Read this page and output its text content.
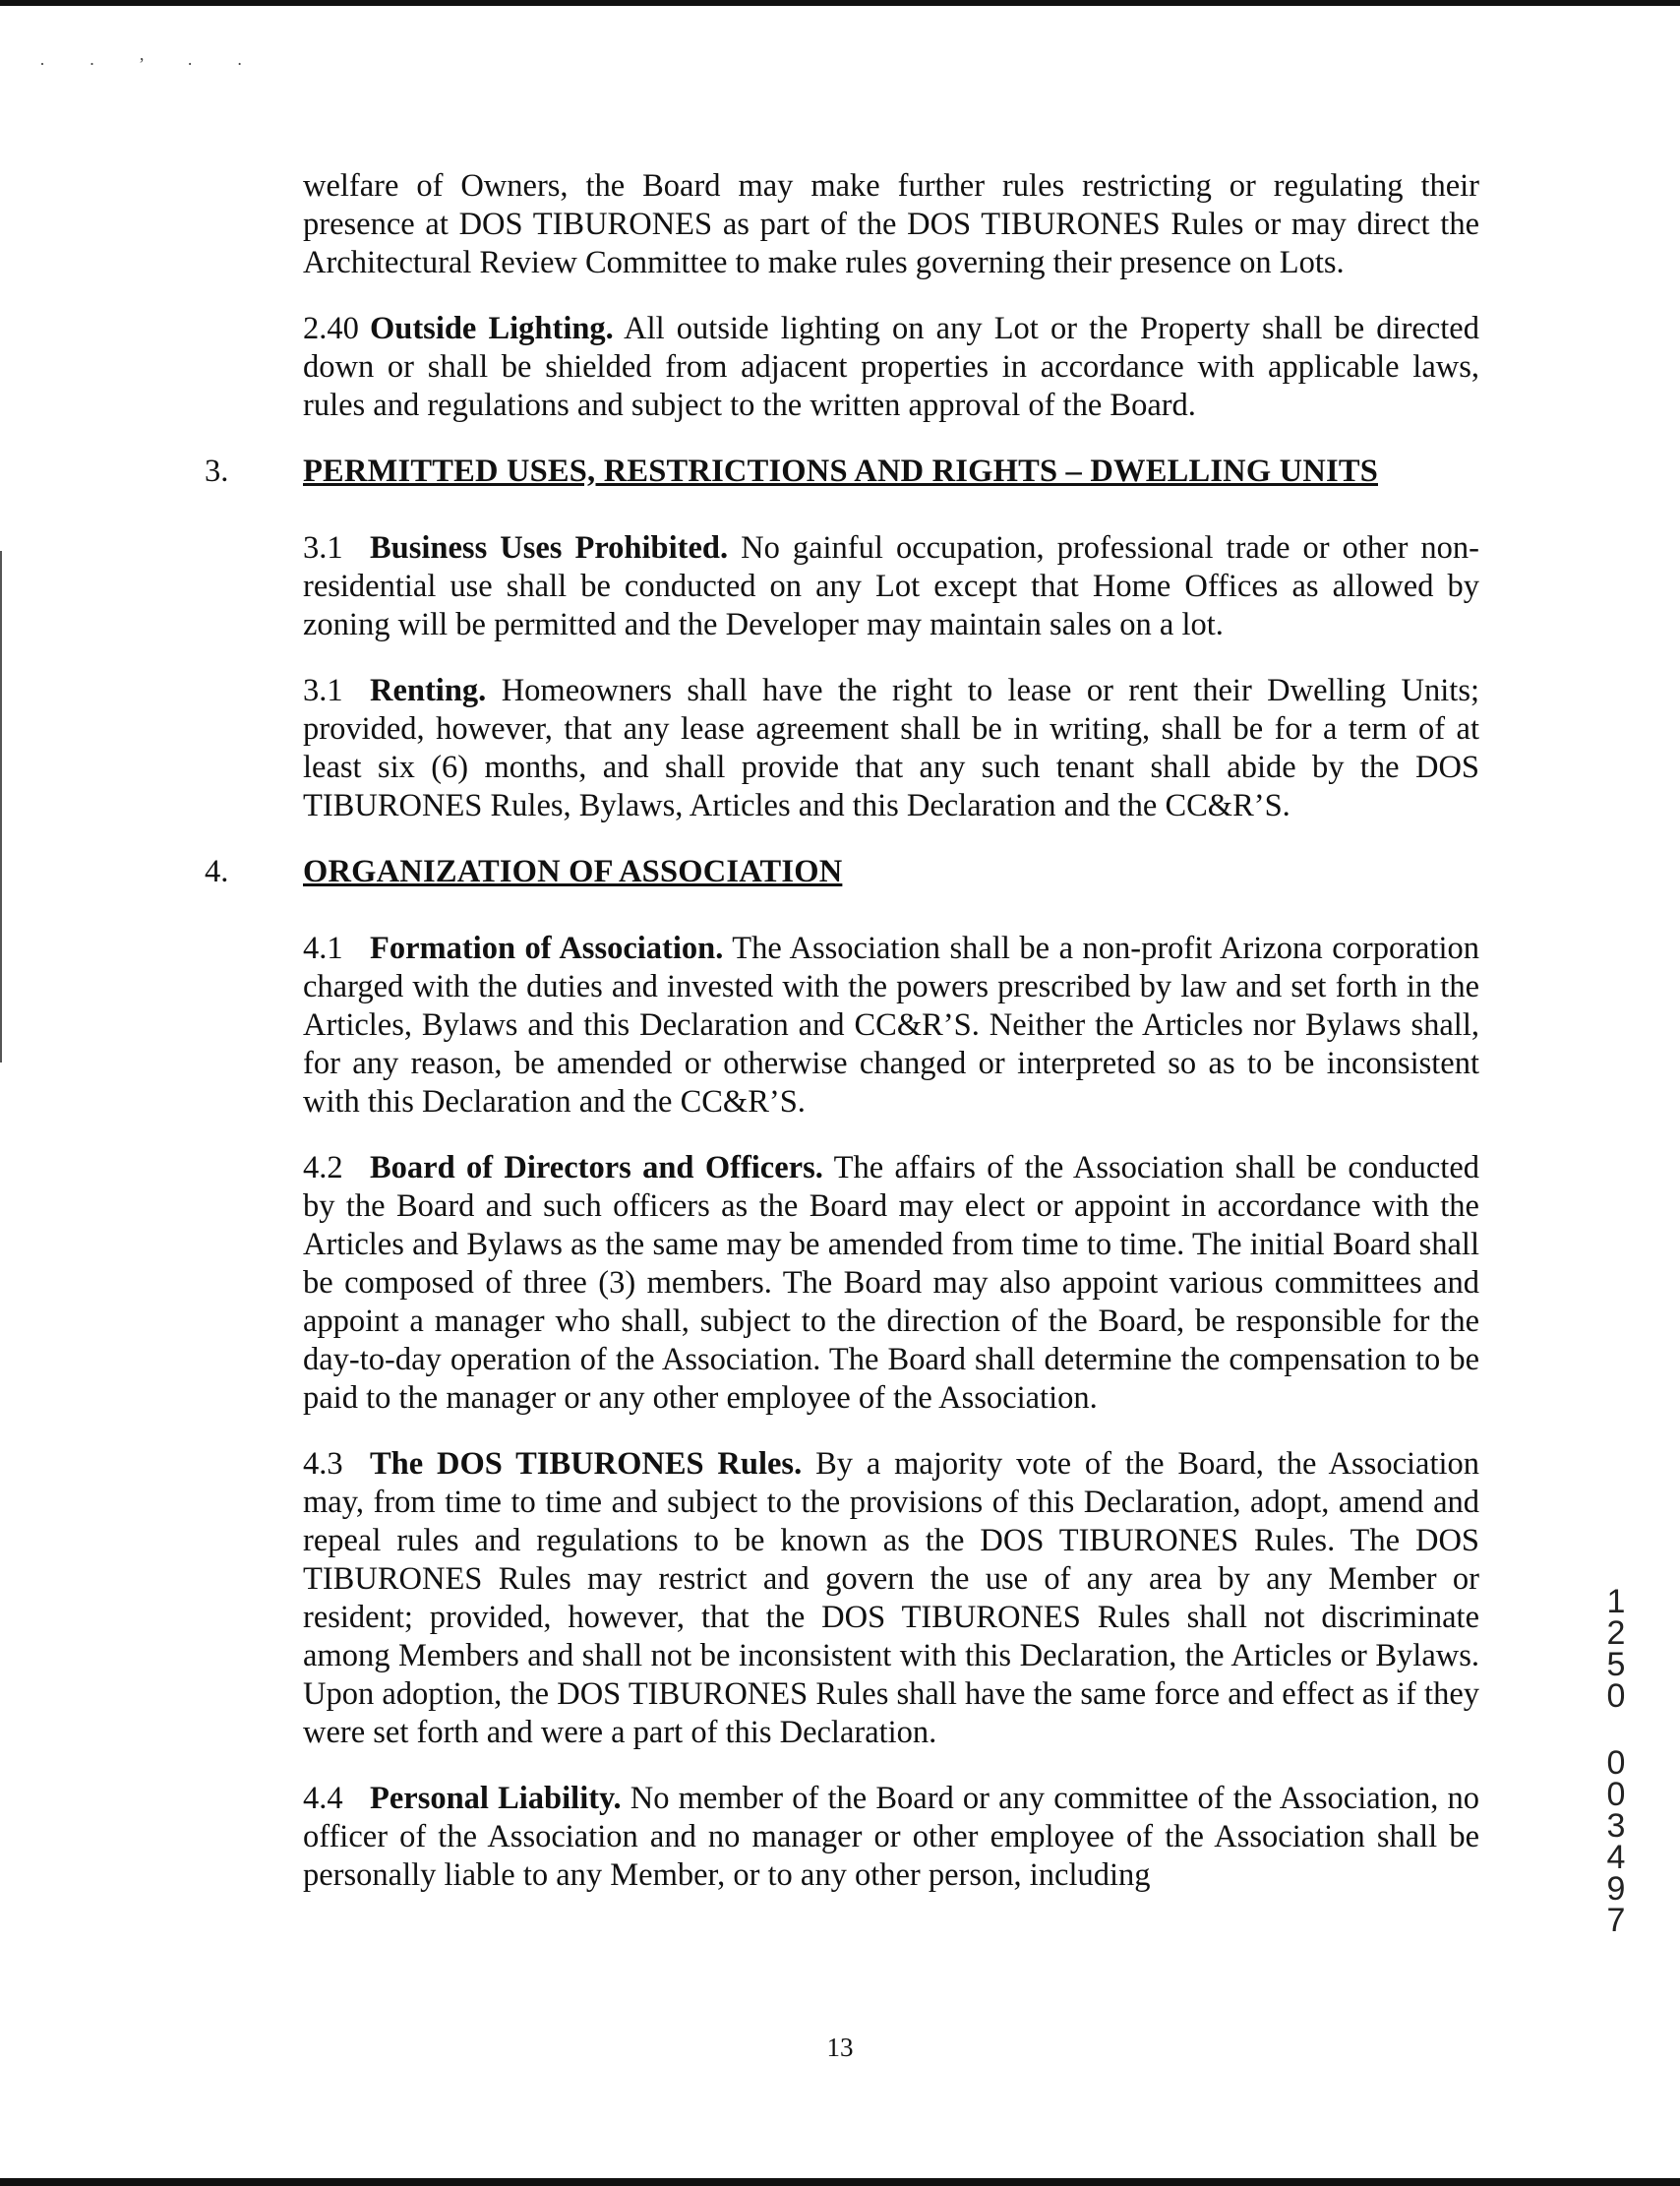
· · ’ · ·

welfare of Owners, the Board may make further rules restricting or regulating their presence at DOS TIBURONES as part of the DOS TIBURONES Rules or may direct the Architectural Review Committee to make rules governing their presence on Lots.

2.40 Outside Lighting. All outside lighting on any Lot or the Property shall be directed down or shall be shielded from adjacent properties in accordance with applicable laws, rules and regulations and subject to the written approval of the Board.

3. PERMITTED USES, RESTRICTIONS AND RIGHTS – DWELLING UNITS

3.1 Business Uses Prohibited. No gainful occupation, professional trade or other non-residential use shall be conducted on any Lot except that Home Offices as allowed by zoning will be permitted and the Developer may maintain sales on a lot.

3.1 Renting. Homeowners shall have the right to lease or rent their Dwelling Units; provided, however, that any lease agreement shall be in writing, shall be for a term of at least six (6) months, and shall provide that any such tenant shall abide by the DOS TIBURONES Rules, Bylaws, Articles and this Declaration and the CC&R’S.

4. ORGANIZATION OF ASSOCIATION

4.1 Formation of Association. The Association shall be a non-profit Arizona corporation charged with the duties and invested with the powers prescribed by law and set forth in the Articles, Bylaws and this Declaration and CC&R’S. Neither the Articles nor Bylaws shall, for any reason, be amended or otherwise changed or interpreted so as to be inconsistent with this Declaration and the CC&R’S.

4.2 Board of Directors and Officers. The affairs of the Association shall be conducted by the Board and such officers as the Board may elect or appoint in accordance with the Articles and Bylaws as the same may be amended from time to time. The initial Board shall be composed of three (3) members. The Board may also appoint various committees and appoint a manager who shall, subject to the direction of the Board, be responsible for the day-to-day operation of the Association. The Board shall determine the compensation to be paid to the manager or any other employee of the Association.

4.3 The DOS TIBURONES Rules. By a majority vote of the Board, the Association may, from time to time and subject to the provisions of this Declaration, adopt, amend and repeal rules and regulations to be known as the DOS TIBURONES Rules. The DOS TIBURONES Rules may restrict and govern the use of any area by any Member or resident; provided, however, that the DOS TIBURONES Rules shall not discriminate among Members and shall not be inconsistent with this Declaration, the Articles or Bylaws. Upon adoption, the DOS TIBURONES Rules shall have the same force and effect as if they were set forth and were a part of this Declaration.

4.4 Personal Liability. No member of the Board or any committee of the Association, no officer of the Association and no manager or other employee of the Association shall be personally liable to any Member, or to any other person, including

1
2
5
0
0
0
3
4
9
7
13
